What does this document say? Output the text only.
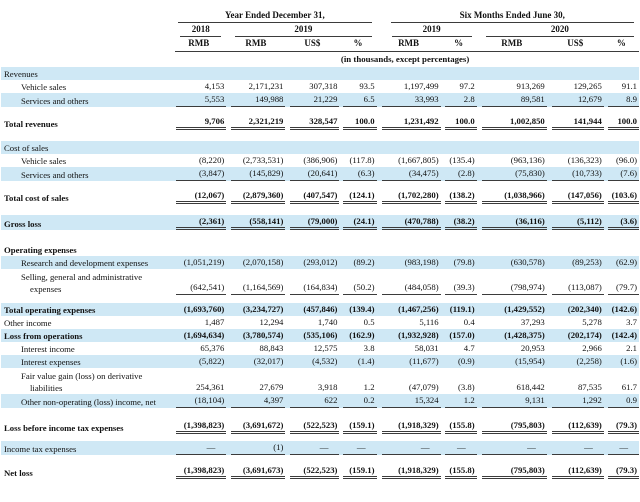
	Year Ended December 31,				Six Months Ended June 30,				

	2018	2019			2019		2020		

	RMB	RMB	US$	%	RMB	%	RMB	US$	%

	(in thousands, except percentages)								

Revenues									

Vehicle sales	4,153	2,171,231	307,318	93.5	1,197,499	97.2	913,269	129,265	91.1

Services and others	5,553	149,988	21,229	6.5	33,993	2.8	89,581	12,679	8.9

Total revenues	9,706	2,321,219	328,547	100.0	1,231,492	100.0	1,002,850	141,944	100.0

Cost of sales									

Vehicle sales	(8,220)	(2,733,531)	(386,906)	(117.8)	(1,667,805)	(135.4)	(963,136)	(136,323)	(96.0)

Services and others	(3,847)	(145,829)	(20,641)	(6.3)	(34,475)	(2.8)	(75,830)	(10,733)	(7.6)

Total cost of sales	(12,067)	(2,879,360)	(407,547)	(124.1)	(1,702,280)	(138.2)	(1,038,966)	(147,056)	(103.6)

Gross loss	(2,361)	(558,141)	(79,000)	(24.1)	(470,788)	(38.2)	(36,116)	(5,112)	(3.6)

Operating expenses									

Research and development expenses	(1,051,219)	(2,070,158)	(293,012)	(89.2)	(983,198)	(79.8)	(630,578)	(89,253)	(62.9)

Selling, general and administrative
expenses	(642,541)	(1,164,569)	(164,834)	(50.2)	(484,058)	(39.3)	(798,974)	(113,087)	(79.7)

Total operating expenses	(1,693,760)	(3,234,727)	(457,846)	(139.4)	(1,467,256)	(119.1)	(1,429,552)	(202,340)	(142.6)

Other income	1,487	12,294	1,740	0.5	5,116	0.4	37,293	5,278	3.7

Loss from operations	(1,694,634)	(3,780,574)	(535,106)	(162.9)	(1,932,928)	(157.0)	(1,428,375)	(202,174)	(142.4)

Interest income	65,376	88,843	12,575	3.8	58,031	4.7	20,953	2,966	2.1

Interest expenses	(5,822)	(32,017)	(4,532)	(1.4)	(11,677)	(0.9)	(15,954)	(2,258)	(1.6)

Fair value gain (loss) on derivative
liabilities	254,361	27,679	3,918	1.2	(47,079)	(3.8)	618,442	87,535	61.7

Other non-operating (loss) income, net	(18,104)	4,397	622	0.2	15,324	1.2	9,131	1,292	0.9

Loss before income tax expenses	(1,398,823)	(3,691,672)	(522,523)	(159.1)	(1,918,329)	(155.8)	(795,803)	(112,639)	(79.3)

Income tax expenses	—	(1)	—	—	—	—	—	—	—

Net loss	(1,398,823)	(3,691,673)	(522,523)	(159.1)	(1,918,329)	(155.8)	(795,803)	(112,639)	(79.3)
